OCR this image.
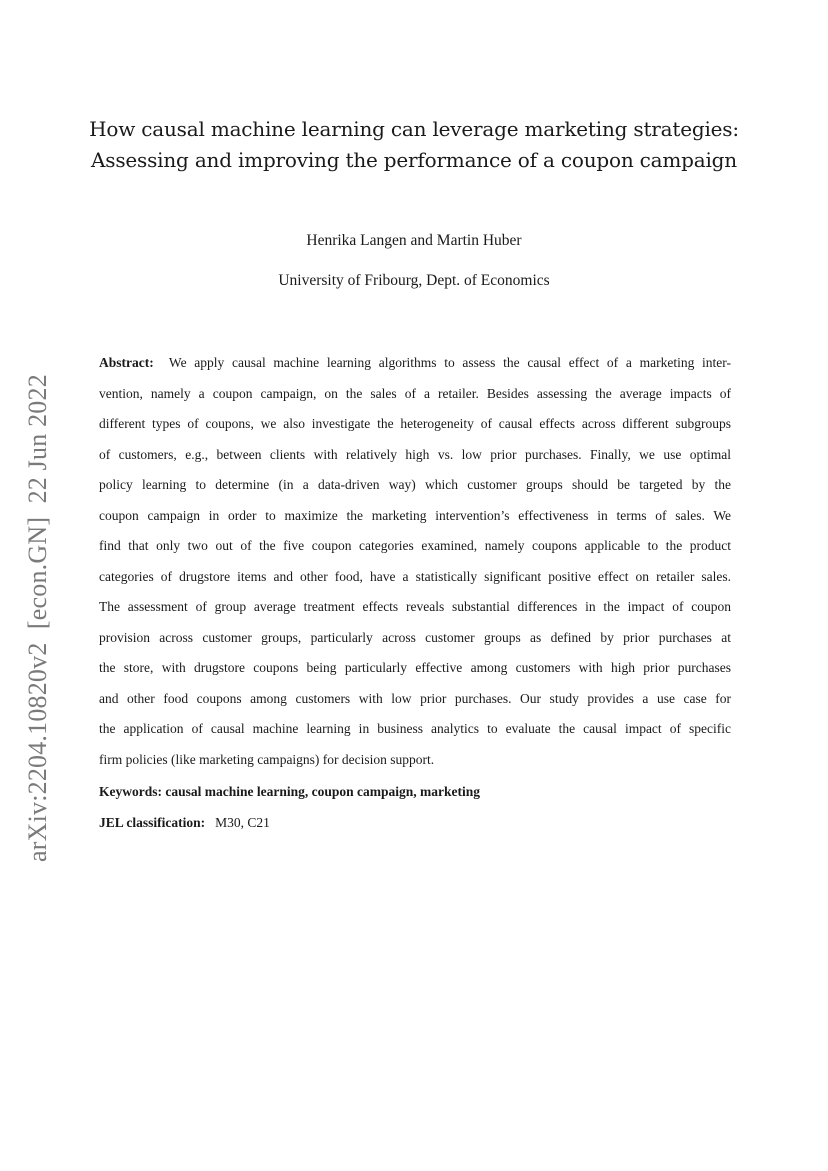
arXiv:2204.10820v2  [econ.GN]  22 Jun 2022
How causal machine learning can leverage marketing strategies:
Assessing and improving the performance of a coupon campaign

Henrika Langen and Martin Huber

University of Fribourg, Dept. of Economics

Abstract: We apply causal machine learning algorithms to assess the causal effect of a marketing inter-
vention, namely a coupon campaign, on the sales of a retailer. Besides assessing the average impacts of
different types of coupons, we also investigate the heterogeneity of causal effects across different subgroups
of customers, e.g., between clients with relatively high vs. low prior purchases. Finally, we use optimal
policy learning to determine (in a data-driven way) which customer groups should be targeted by the
coupon campaign in order to maximize the marketing intervention’s effectiveness in terms of sales. We
find that only two out of the five coupon categories examined, namely coupons applicable to the product
categories of drugstore items and other food, have a statistically significant positive effect on retailer sales.
The assessment of group average treatment effects reveals substantial differences in the impact of coupon
provision across customer groups, particularly across customer groups as defined by prior purchases at
the store, with drugstore coupons being particularly effective among customers with high prior purchases
and other food coupons among customers with low prior purchases. Our study provides a use case for
the application of causal machine learning in business analytics to evaluate the causal impact of specific
firm policies (like marketing campaigns) for decision support.

Keywords: causal machine learning, coupon campaign, marketing

JEL classification: M30, C21
